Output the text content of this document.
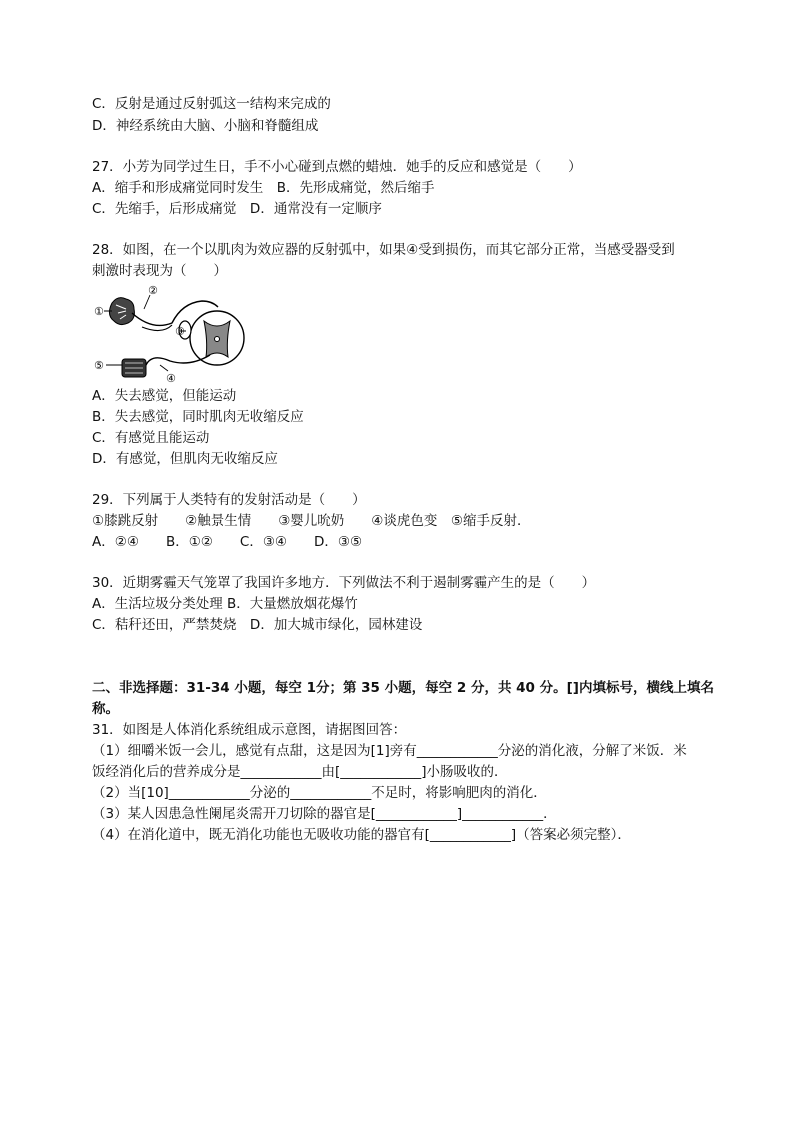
C．反射是通过反射弧这一结构来完成的
D．神经系统由大脑、小脑和脊髓组成
27．小芳为同学过生日，手不小心碰到点燃的蜡烛．她手的反应和感觉是（　　）
A．缩手和形成痛觉同时发生　B．先形成痛觉，然后缩手
C．先缩手，后形成痛觉　D．通常没有一定顺序
28．如图，在一个以肌肉为效应器的反射弧中，如果④受到损伤，而其它部分正常，当感受器受到
刺激时表现为（　　）
①
②
③
④
⑤
乙
A．失去感觉，但能运动
B．失去感觉，同时肌肉无收缩反应
C．有感觉且能运动
D．有感觉，但肌肉无收缩反应
29．下列属于人类特有的发射活动是（　　）
①膝跳反射　　②触景生情　　③婴儿吮奶　　④谈虎色变　⑤缩手反射．
A．②④　　B．①②　　C．③④　　D．③⑤
30．近期雾霾天气笼罩了我国许多地方．下列做法不利于遏制雾霾产生的是（　　）
A．生活垃圾分类处理 B．大量燃放烟花爆竹
C．秸秆还田，严禁焚烧　D．加大城市绿化，园林建设
二、非选择题：31-34 小题，每空 1分；第 35 小题，每空 2 分，共 40 分。[]内填标号，横线上填名
称。
31．如图是人体消化系统组成示意图，请据图回答：
（1）细嚼米饭一会儿，感觉有点甜，这是因为[1]旁有____________分泌的消化液，分解了米饭．米
饭经消化后的营养成分是____________由[____________]小肠吸收的．
（2）当[10]____________分泌的____________不足时，将影响肥肉的消化．
（3）某人因患急性阑尾炎需开刀切除的器官是[____________]____________．
（4）在消化道中，既无消化功能也无吸收功能的器官有[____________]（答案必须完整）．
